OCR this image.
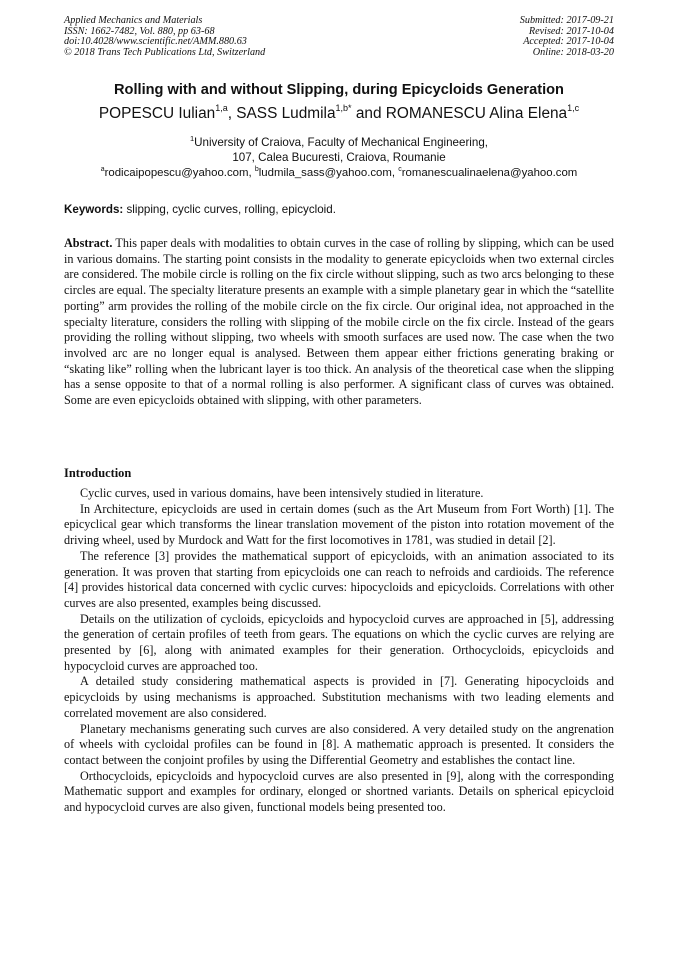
Applied Mechanics and Materials
ISSN: 1662-7482, Vol. 880, pp 63-68
doi:10.4028/www.scientific.net/AMM.880.63
© 2018 Trans Tech Publications Ltd, Switzerland
Submitted: 2017-09-21
Revised: 2017-10-04
Accepted: 2017-10-04
Online: 2018-03-20
Rolling with and without Slipping, during Epicycloids Generation
POPESCU Iulian$^{1,a}$, SASS Ludmila$^{1,b*}$ and ROMANESCU Alina Elena$^{1,c}$
$^1$University of Craiova, Faculty of Mechanical Engineering,
107, Calea Bucuresti, Craiova, Roumanie
$^a$rodicaipopescu@yahoo.com, $^b$ludmila_sass@yahoo.com, $^c$romanescualinaelena@yahoo.com
Keywords: slipping, cyclic curves, rolling, epicycloid.
Abstract. This paper deals with modalities to obtain curves in the case of rolling by slipping, which can be used in various domains. The starting point consists in the modality to generate epicycloids when two external circles are considered. The mobile circle is rolling on the fix circle without slipping, such as two arcs belonging to these circles are equal. The specialty literature presents an example with a simple planetary gear in which the “satellite porting” arm provides the rolling of the mobile circle on the fix circle. Our original idea, not approached in the specialty literature, considers the rolling with slipping of the mobile circle on the fix circle. Instead of the gears providing the rolling without slipping, two wheels with smooth surfaces are used now. The case when the two involved arc are no longer equal is analysed. Between them appear either frictions generating braking or “skating like” rolling when the lubricant layer is too thick. An analysis of the theoretical case when the slipping has a sense opposite to that of a normal rolling is also performer. A significant class of curves was obtained. Some are even epicycloids obtained with slipping, with other parameters.
Introduction

Cyclic curves, used in various domains, have been intensively studied in literature.

In Architecture, epicycloids are used in certain domes (such as the Art Museum from Fort Worth) [1]. The epicyclical gear which transforms the linear translation movement of the piston into rotation movement of the driving wheel, used by Murdock and Watt for the first locomotives in 1781, was studied in detail [2].

The reference [3] provides the mathematical support of epicycloids, with an animation associated to its generation. It was proven that starting from epicycloids one can reach to nefroids and cardioids. The reference [4] provides historical data concerned with cyclic curves: hipocycloids and epicycloids. Correlations with other curves are also presented, examples being discussed.

Details on the utilization of cycloids, epicycloids and hypocycloid curves are approached in [5], addressing the generation of certain profiles of teeth from gears. The equations on which the cyclic curves are relying are presented by [6], along with animated examples for their generation. Orthocycloids, epicycloids and hypocycloid curves are approached too.

A detailed study considering mathematical aspects is provided in [7]. Generating hipocycloids and epicycloids by using mechanisms is approached. Substitution mechanisms with two leading elements and correlated movement are also considered.

Planetary mechanisms generating such curves are also considered. A very detailed study on the angrenation of wheels with cycloidal profiles can be found in [8]. A mathematic approach is presented. It considers the contact between the conjoint profiles by using the Differential Geometry and establishes the contact line.

Orthocycloids, epicycloids and hypocycloid curves are also presented in [9], along with the corresponding Mathematic support and examples for ordinary, elonged or shortned variants. Details on spherical epicycloid and hypocycloid curves are also given, functional models being presented too.
